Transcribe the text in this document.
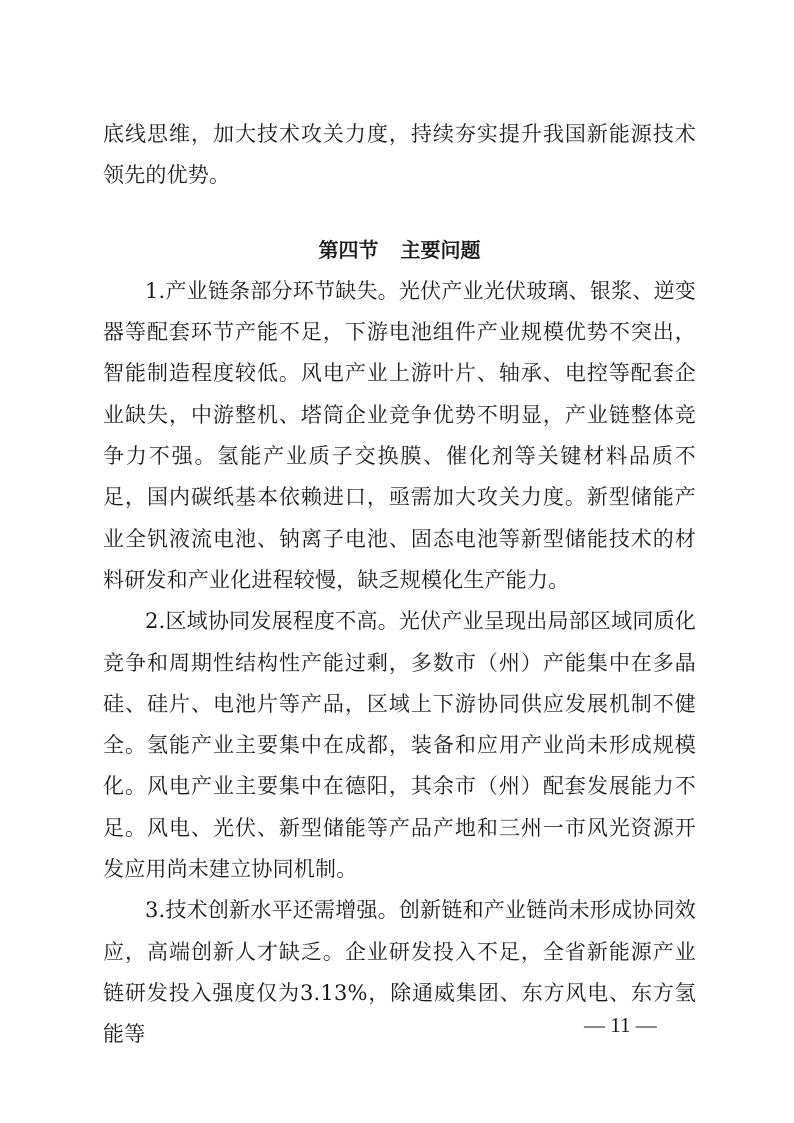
底线思维，加大技术攻关力度，持续夯实提升我国新能源技术领先的优势。

第四节 主要问题

1.产业链条部分环节缺失。光伏产业光伏玻璃、银浆、逆变器等配套环节产能不足，下游电池组件产业规模优势不突出，智能制造程度较低。风电产业上游叶片、轴承、电控等配套企业缺失，中游整机、塔筒企业竞争优势不明显，产业链整体竞争力不强。氢能产业质子交换膜、催化剂等关键材料品质不足，国内碳纸基本依赖进口，亟需加大攻关力度。新型储能产业全钒液流电池、钠离子电池、固态电池等新型储能技术的材料研发和产业化进程较慢，缺乏规模化生产能力。

2.区域协同发展程度不高。光伏产业呈现出局部区域同质化竞争和周期性结构性产能过剩，多数市（州）产能集中在多晶硅、硅片、电池片等产品，区域上下游协同供应发展机制不健全。氢能产业主要集中在成都，装备和应用产业尚未形成规模化。风电产业主要集中在德阳，其余市（州）配套发展能力不足。风电、光伏、新型储能等产品产地和三州一市风光资源开发应用尚未建立协同机制。

3.技术创新水平还需增强。创新链和产业链尚未形成协同效应，高端创新人才缺乏。企业研发投入不足，全省新能源产业链研发投入强度仅为3.13%，除通威集团、东方风电、东方氢能等	— 11 —
